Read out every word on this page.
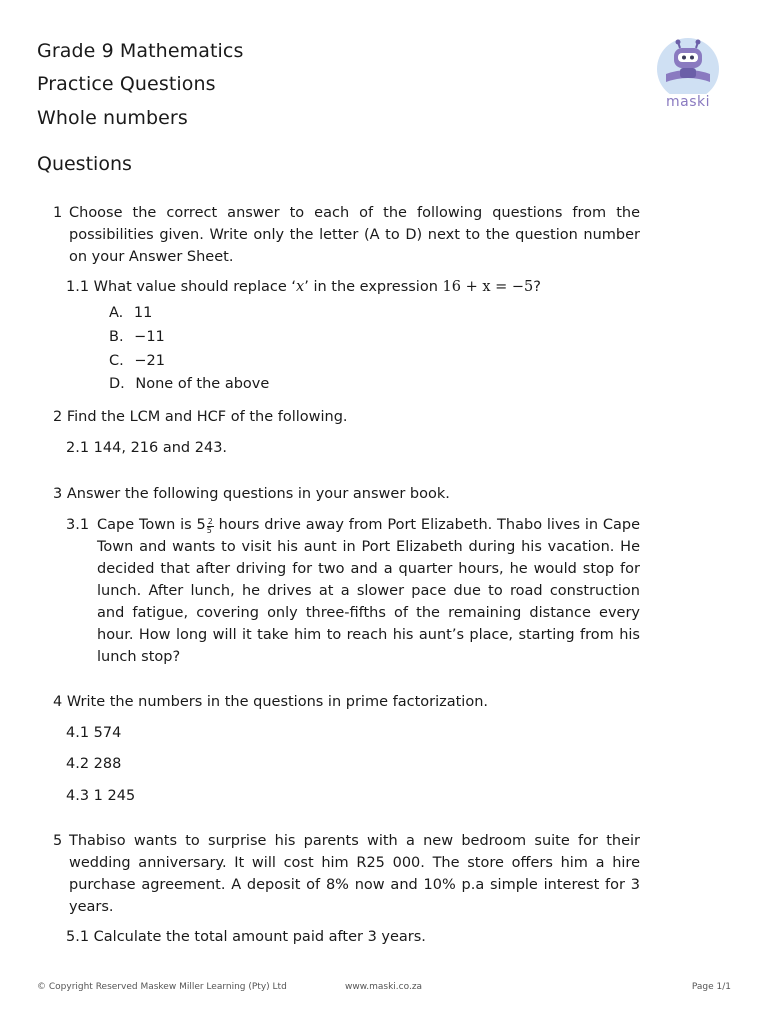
Grade 9 Mathematics
Practice Questions
Whole numbers
maski
Questions
1 Choose the correct answer to each of the following questions from the possibilities given. Write only the letter (A to D) next to the question number on your Answer Sheet.
1.1 What value should replace ‘x’ in the expression 16 + x = −5?
A. 11
B. −11
C. −21
D. None of the above
2 Find the LCM and HCF of the following.
2.1 144, 216 and 243.
3 Answer the following questions in your answer book.
3.1 Cape Town is $5 \frac{2}{5}$ hours drive away from Port Elizabeth. Thabo lives in Cape Town and wants to visit his aunt in Port Elizabeth during his vacation. He decided that after driving for two and a quarter hours, he would stop for lunch. After lunch, he drives at a slower pace due to road construction and fatigue, covering only three-fifths of the remaining distance every hour. How long will it take him to reach his aunt’s place, starting from his lunch stop?
4 Write the numbers in the questions in prime factorization.
4.1 574
4.2 288
4.3 1 245
5 Thabiso wants to surprise his parents with a new bedroom suite for their wedding anniversary. It will cost him R25 000. The store offers him a hire purchase agreement. A deposit of 8% now and 10% p.a simple interest for 3 years.
5.1 Calculate the total amount paid after 3 years.
© Copyright Reserved Maskew Miller Learning (Pty) Ltd	www.maski.co.za	Page 1/1
